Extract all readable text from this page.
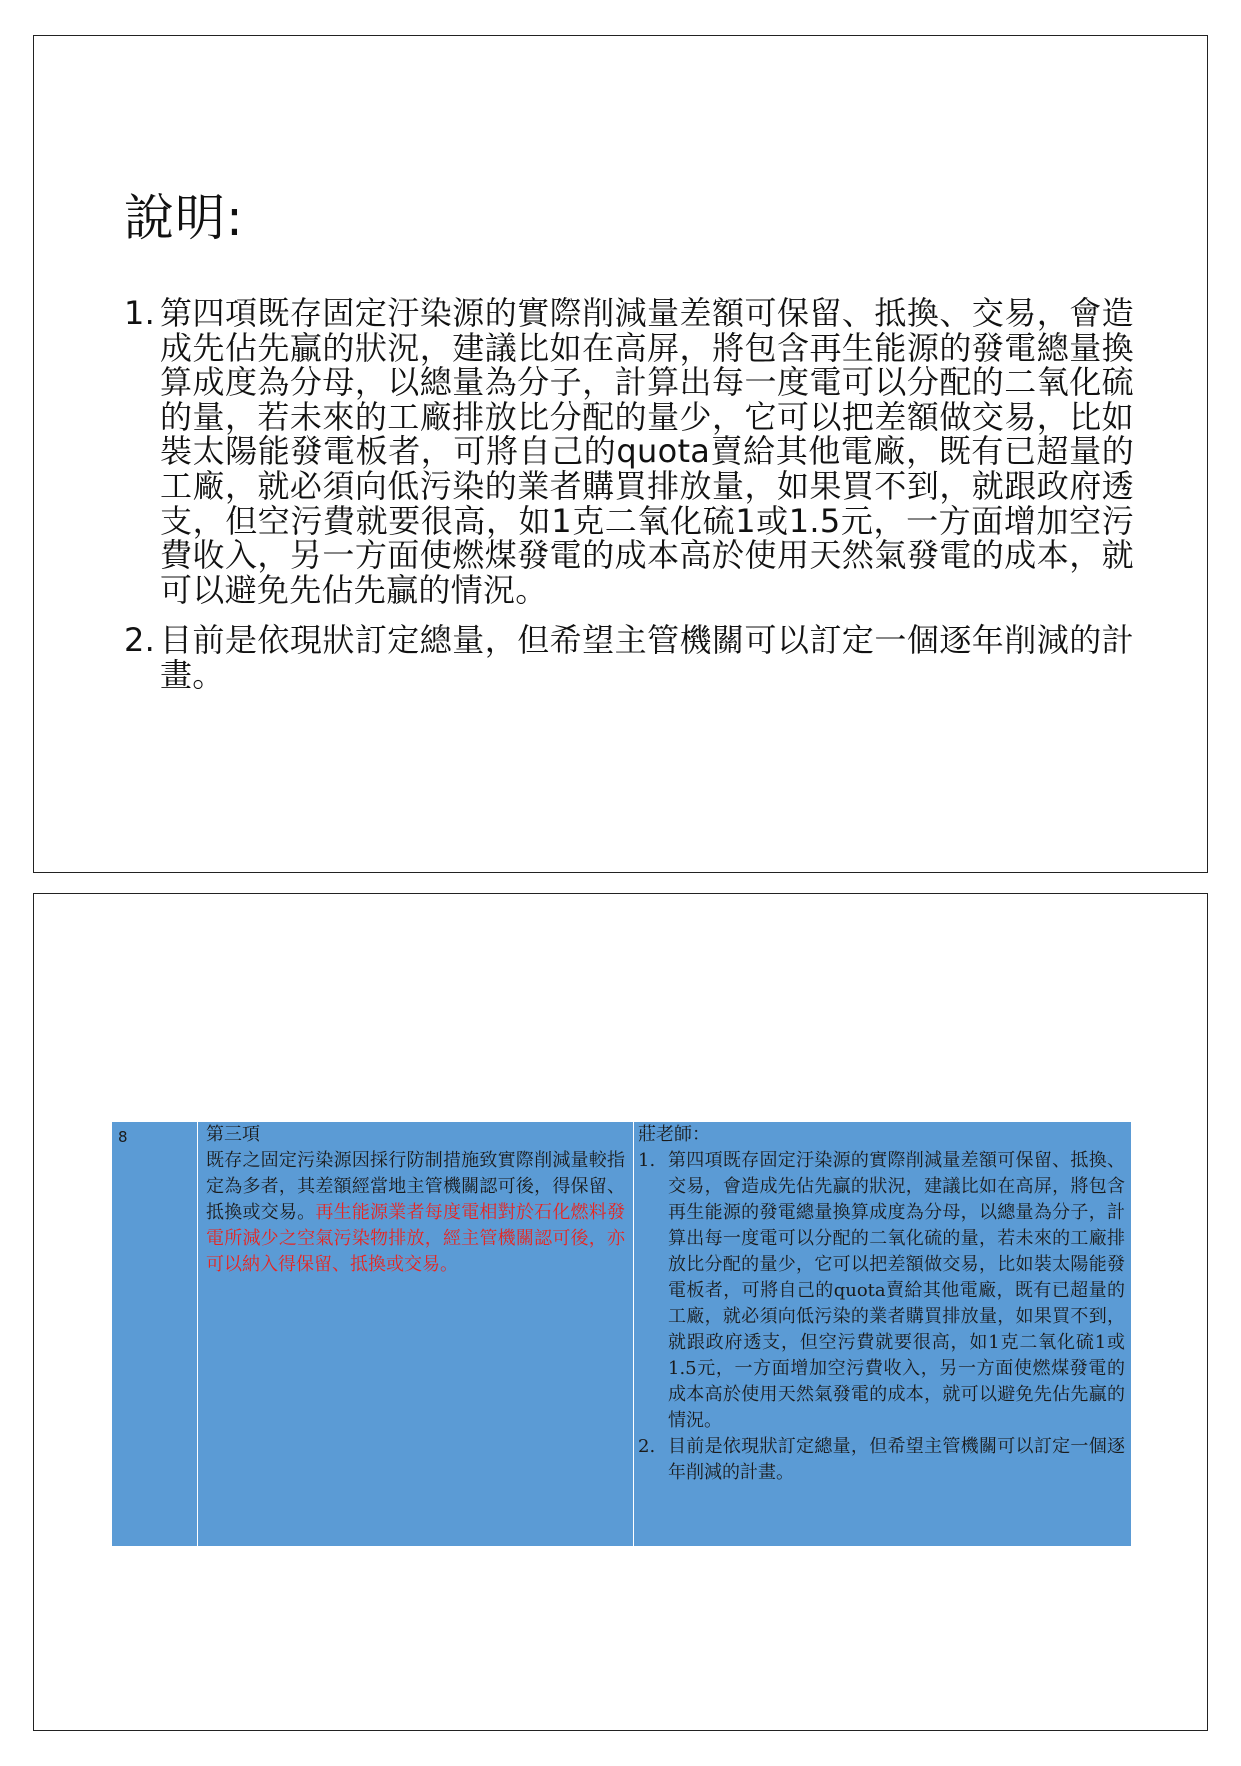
說明:
1. 第四項既存固定汙染源的實際削減量差額可保留、抵換、交易，會造成先佔先贏的狀況，建議比如在高屏，將包含再生能源的發電總量換算成度為分母，以總量為分子，計算出每一度電可以分配的二氧化硫的量，若未來的工廠排放比分配的量少，它可以把差額做交易，比如裝太陽能發電板者，可將自己的quota賣給其他電廠，既有已超量的工廠，就必須向低污染的業者購買排放量，如果買不到，就跟政府透支，但空污費就要很高，如1克二氧化硫1或1.5元，一方面增加空污費收入，另一方面使燃煤發電的成本高於使用天然氣發電的成本，就可以避免先佔先贏的情況。
2. 目前是依現狀訂定總量，但希望主管機關可以訂定一個逐年削減的計畫。
8	第三項
既存之固定污染源因採行防制措施致實際削減量較指定為多者，其差額經當地主管機關認可後，得保留、抵換或交易。再生能源業者每度電相對於石化燃料發電所減少之空氣污染物排放，經主管機關認可後，亦可以納入得保留、抵換或交易。
莊老師：
1. 第四項既存固定汙染源的實際削減量差額可保留、抵換、交易，會造成先佔先贏的狀況，建議比如在高屏，將包含再生能源的發電總量換算成度為分母，以總量為分子，計算出每一度電可以分配的二氧化硫的量，若未來的工廠排放比分配的量少，它可以把差額做交易，比如裝太陽能發電板者，可將自己的quota賣給其他電廠，既有已超量的工廠，就必須向低污染的業者購買排放量，如果買不到，就跟政府透支，但空污費就要很高，如1克二氧化硫1或1.5元，一方面增加空污費收入，另一方面使燃煤發電的成本高於使用天然氣發電的成本，就可以避免先佔先贏的情況。
2. 目前是依現狀訂定總量，但希望主管機關可以訂定一個逐年削減的計畫。
